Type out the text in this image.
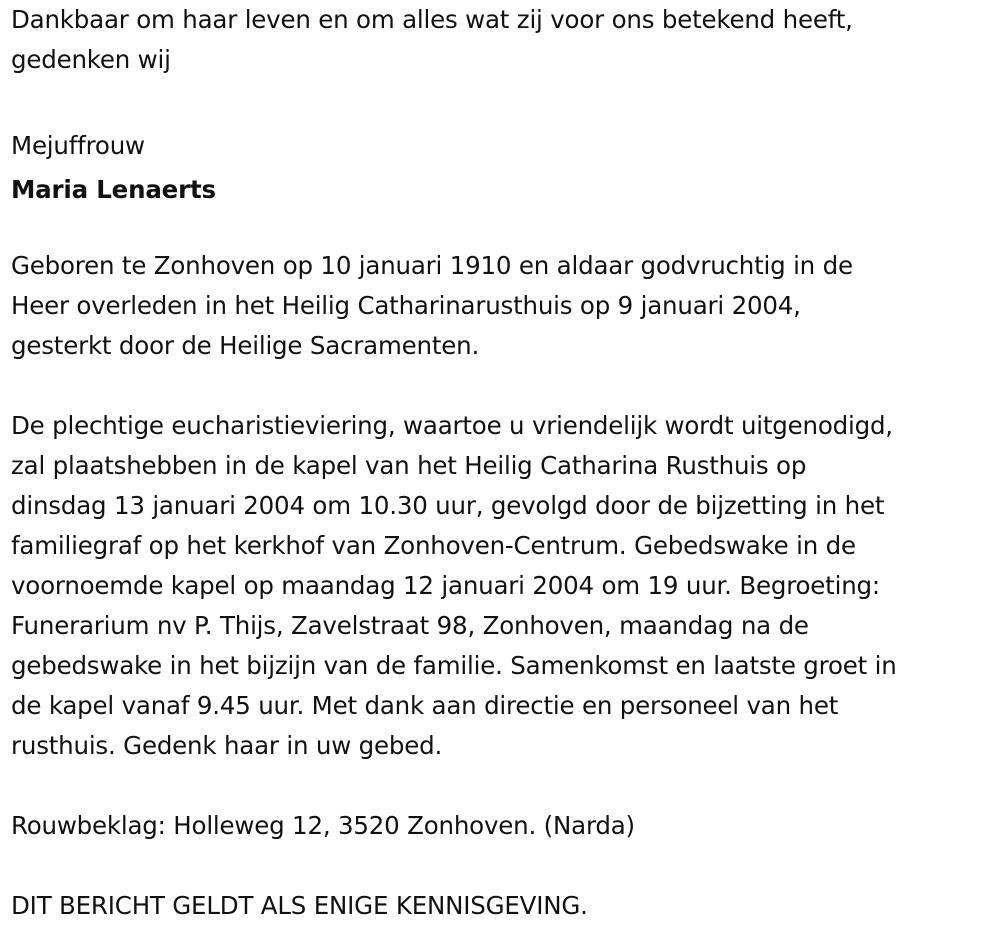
Dankbaar om haar leven en om alles wat zij voor ons betekend heeft,
gedenken wij

Mejuffrouw

Maria Lenaerts

Geboren te Zonhoven op 10 januari 1910 en aldaar godvruchtig in de
Heer overleden in het Heilig Catharinarusthuis op 9 januari 2004,
gesterkt door de Heilige Sacramenten.

De plechtige eucharistieviering, waartoe u vriendelijk wordt uitgenodigd,
zal plaatshebben in de kapel van het Heilig Catharina Rusthuis op
dinsdag 13 januari 2004 om 10.30 uur, gevolgd door de bijzetting in het
familiegraf op het kerkhof van Zonhoven-Centrum. Gebedswake in de
voornoemde kapel op maandag 12 januari 2004 om 19 uur. Begroeting:
Funerarium nv P. Thijs, Zavelstraat 98, Zonhoven, maandag na de
gebedswake in het bijzijn van de familie. Samenkomst en laatste groet in
de kapel vanaf 9.45 uur. Met dank aan directie en personeel van het
rusthuis. Gedenk haar in uw gebed.

Rouwbeklag: Holleweg 12, 3520 Zonhoven. (Narda)

DIT BERICHT GELDT ALS ENIGE KENNISGEVING.
